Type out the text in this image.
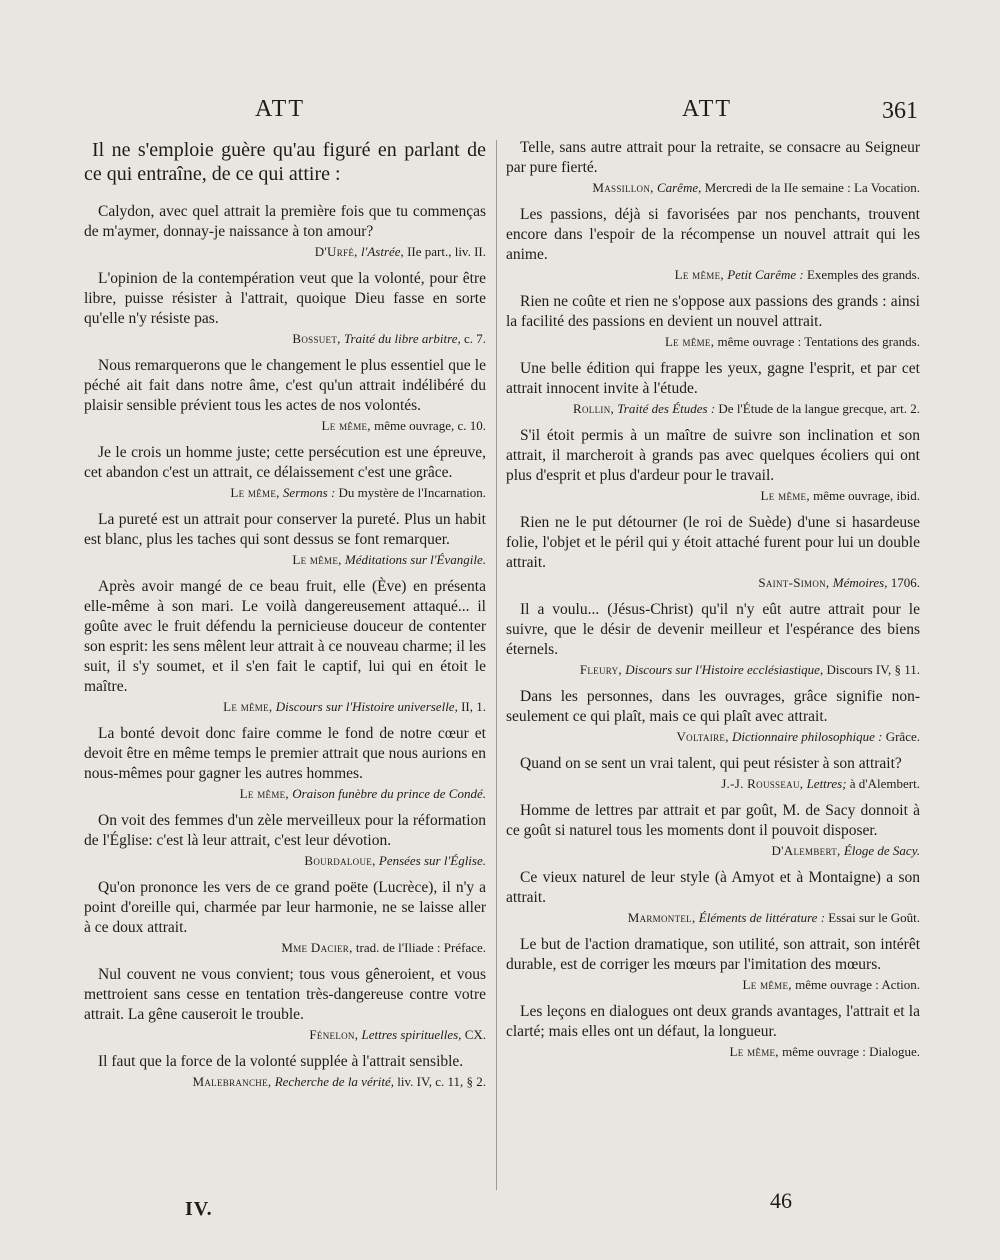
ATT	ATT	361

Il ne s'emploie guère qu'au figuré en parlant de ce qui entraîne, de ce qui attire :

Calydon, avec quel attrait la première fois que tu commenças de m'aymer, donnay-je naissance à ton amour?

D'Urfé, l'Astrée, IIe part., liv. II.

L'opinion de la contempération veut que la volonté, pour être libre, puisse résister à l'attrait, quoique Dieu fasse en sorte qu'elle n'y résiste pas.

Bossuet, Traité du libre arbitre, c. 7.

Nous remarquerons que le changement le plus essentiel que le péché ait fait dans notre âme, c'est qu'un attrait indélibéré du plaisir sensible prévient tous les actes de nos volontés.

Le même, même ouvrage, c. 10.

Je le crois un homme juste; cette persécution est une épreuve, cet abandon c'est un attrait, ce délaissement c'est une grâce.

Le même, Sermons : Du mystère de l'Incarnation.

La pureté est un attrait pour conserver la pureté. Plus un habit est blanc, plus les taches qui sont dessus se font remarquer.

Le même, Méditations sur l'Évangile.

Après avoir mangé de ce beau fruit, elle (Ève) en présenta elle-même à son mari. Le voilà dangereusement attaqué... il goûte avec le fruit défendu la pernicieuse douceur de contenter son esprit: les sens mêlent leur attrait à ce nouveau charme; il les suit, il s'y soumet, et il s'en fait le captif, lui qui en étoit le maître.

Le même, Discours sur l'Histoire universelle, II, 1.

La bonté devoit donc faire comme le fond de notre cœur et devoit être en même temps le premier attrait que nous aurions en nous-mêmes pour gagner les autres hommes.

Le même, Oraison funèbre du prince de Condé.

On voit des femmes d'un zèle merveilleux pour la réformation de l'Église: c'est là leur attrait, c'est leur dévotion.

Bourdaloue, Pensées sur l'Église.

Qu'on prononce les vers de ce grand poëte (Lucrèce), il n'y a point d'oreille qui, charmée par leur harmonie, ne se laisse aller à ce doux attrait.

Mme Dacier, trad. de l'Iliade : Préface.

Nul couvent ne vous convient; tous vous gêneroient, et vous mettroient sans cesse en tentation très-dangereuse contre votre attrait. La gêne causeroit le trouble.

Fénelon, Lettres spirituelles, CX.

Il faut que la force de la volonté supplée à l'attrait sensible.

Malebranche, Recherche de la vérité, liv. IV, c. 11, § 2.

Telle, sans autre attrait pour la retraite, se consacre au Seigneur par pure fierté.

Massillon, Carême, Mercredi de la IIe semaine : La Vocation.

Les passions, déjà si favorisées par nos penchants, trouvent encore dans l'espoir de la récompense un nouvel attrait qui les anime.

Le même, Petit Carême : Exemples des grands.

Rien ne coûte et rien ne s'oppose aux passions des grands : ainsi la facilité des passions en devient un nouvel attrait.

Le même, même ouvrage : Tentations des grands.

Une belle édition qui frappe les yeux, gagne l'esprit, et par cet attrait innocent invite à l'étude.

Rollin, Traité des Études : De l'Étude de la langue grecque, art. 2.

S'il étoit permis à un maître de suivre son inclination et son attrait, il marcheroit à grands pas avec quelques écoliers qui ont plus d'esprit et plus d'ardeur pour le travail.

Le même, même ouvrage, ibid.

Rien ne le put détourner (le roi de Suède) d'une si hasardeuse folie, l'objet et le péril qui y étoit attaché furent pour lui un double attrait.

Saint-Simon, Mémoires, 1706.

Il a voulu... (Jésus-Christ) qu'il n'y eût autre attrait pour le suivre, que le désir de devenir meilleur et l'espérance des biens éternels.

Fleury, Discours sur l'Histoire ecclésiastique, Discours IV, § 11.

Dans les personnes, dans les ouvrages, grâce signifie non-seulement ce qui plaît, mais ce qui plaît avec attrait.

Voltaire, Dictionnaire philosophique : Grâce.

Quand on se sent un vrai talent, qui peut résister à son attrait?

J.-J. Rousseau, Lettres; à d'Alembert.

Homme de lettres par attrait et par goût, M. de Sacy donnoit à ce goût si naturel tous les moments dont il pouvoit disposer.

D'Alembert, Éloge de Sacy.

Ce vieux naturel de leur style (à Amyot et à Montaigne) a son attrait.

Marmontel, Éléments de littérature : Essai sur le Goût.

Le but de l'action dramatique, son utilité, son attrait, son intérêt durable, est de corriger les mœurs par l'imitation des mœurs.

Le même, même ouvrage : Action.

Les leçons en dialogues ont deux grands avantages, l'attrait et la clarté; mais elles ont un défaut, la longueur.

Le même, même ouvrage : Dialogue.

IV.	46
